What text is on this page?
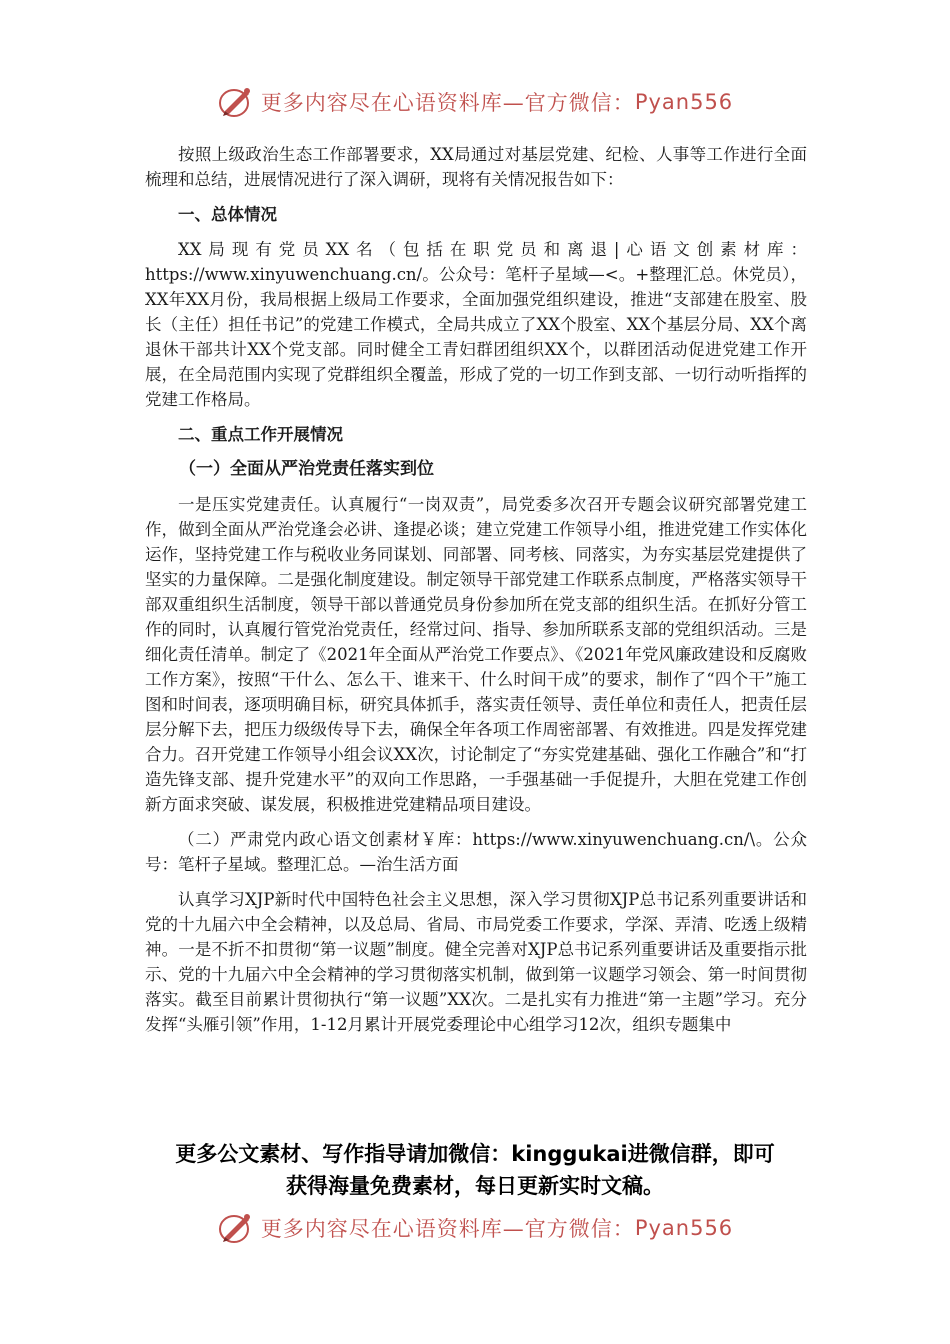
更多内容尽在心语资料库—官方微信： Pyan556

按照上级政治生态工作部署要求，XX局通过对基层党建、纪检、人事等工作进行全面梳理和总结，进展情况进行了深入调研，现将有关情况报告如下：

一、总体情况

XX局现有党员XX名（包括在职党员和离退|心语文创素材库：https://www.xinyuwenchuang.cn/。公众号：笔杆子星域—<。+整理汇总。休党员），XX年XX月份，我局根据上级局工作要求，全面加强党组织建设，推进“支部建在股室、股长（主任）担任书记”的党建工作模式，全局共成立了XX个股室、XX个基层分局、XX个离退休干部共计XX个党支部。同时健全工青妇群团组织XX个，以群团活动促进党建工作开展，在全局范围内实现了党群组织全覆盖，形成了党的一切工作到支部、一切行动听指挥的党建工作格局。

二、重点工作开展情况

（一）全面从严治党责任落实到位

一是压实党建责任。认真履行“一岗双责”，局党委多次召开专题会议研究部署党建工作，做到全面从严治党逢会必讲、逢提必谈；建立党建工作领导小组，推进党建工作实体化运作，坚持党建工作与税收业务同谋划、同部署、同考核、同落实，为夯实基层党建提供了坚实的力量保障。二是强化制度建设。制定领导干部党建工作联系点制度，严格落实领导干部双重组织生活制度，领导干部以普通党员身份参加所在党支部的组织生活。在抓好分管工作的同时，认真履行管党治党责任，经常过问、指导、参加所联系支部的党组织活动。三是细化责任清单。制定了《2021年全面从严治党工作要点》、《2021年党风廉政建设和反腐败工作方案》，按照“干什么、怎么干、谁来干、什么时间干成”的要求，制作了“四个干”施工图和时间表，逐项明确目标，研究具体抓手，落实责任领导、责任单位和责任人，把责任层层分解下去，把压力级级传导下去，确保全年各项工作周密部署、有效推进。四是发挥党建合力。召开党建工作领导小组会议XX次，讨论制定了“夯实党建基础、强化工作融合”和“打造先锋支部、提升党建水平”的双向工作思路，一手强基础一手促提升，大胆在党建工作创新方面求突破、谋发展，积极推进党建精品项目建设。

（二）严肃党内政心语文创素材￥库：https://www.xinyuwenchuang.cn/\。公众号：笔杆子星域。整理汇总。—治生活方面

认真学习XJP新时代中国特色社会主义思想，深入学习贯彻XJP总书记系列重要讲话和党的十九届六中全会精神，以及总局、省局、市局党委工作要求，学深、弄清、吃透上级精神。一是不折不扣贯彻“第一议题”制度。健全完善对XJP总书记系列重要讲话及重要指示批示、党的十九届六中全会精神的学习贯彻落实机制，做到第一议题学习领会、第一时间贯彻落实。截至目前累计贯彻执行“第一议题”XX次。二是扎实有力推进“第一主题”学习。充分发挥“头雁引领”作用，1-12月累计开展党委理论中心组学习12次，组织专题集中

更多公文素材、写作指导请加微信：kinggukai进微信群，即可
获得海量免费素材，每日更新实时文稿。
更多内容尽在心语资料库—官方微信： Pyan556
